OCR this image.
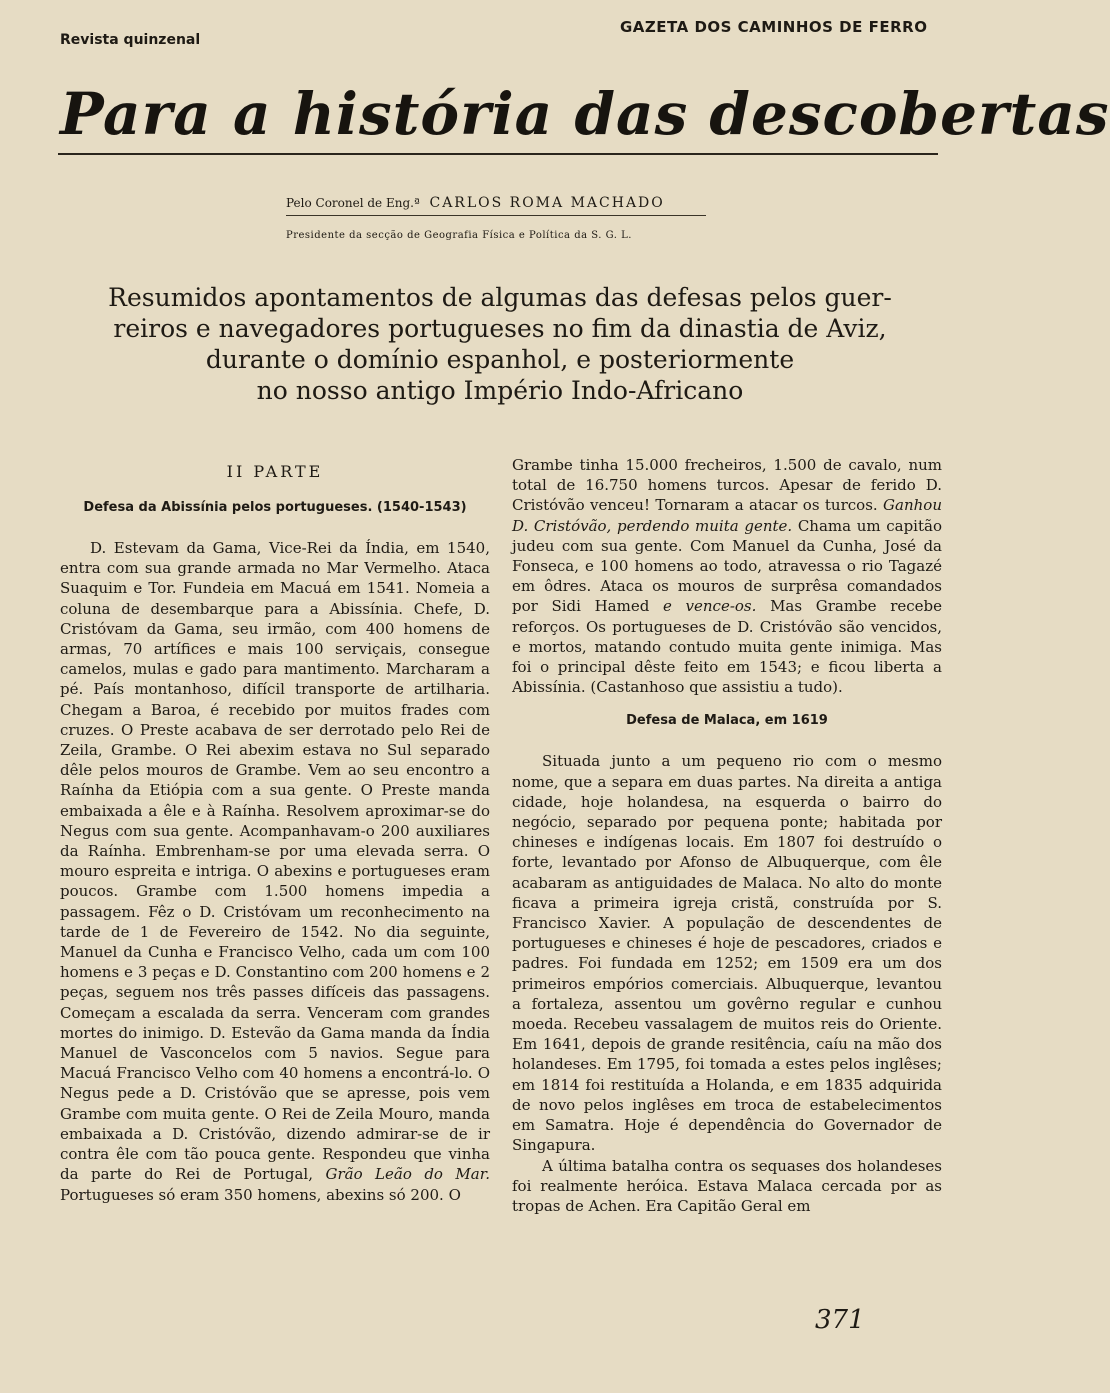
Revista quinzenal
GAZETA DOS CAMINHOS DE FERRO
Para a história das descobertas
Pelo Coronel de Eng.ª CARLOS ROMA MACHADO
Presidente da secção de Geografia Física e Política da S. G. L.
Resumidos apontamentos de algumas das defesas pelos guer-
reiros e navegadores portugueses no fim da dinastia de Aviz,
durante o domínio espanhol, e posteriormente
no nosso antigo Império Indo-Africano
II PARTE
Defesa da Abissínia pelos portugueses. (1540-1543)

D. Estevam da Gama, Vice-Rei da Índia, em 1540, entra com sua grande armada no Mar Vermelho. Ataca Suaquim e Tor. Fundeia em Macuá em 1541. Nomeia a coluna de desembarque para a Abissínia. Chefe, D. Cristóvam da Gama, seu irmão, com 400 homens de armas, 70 artífices e mais 100 serviçais, consegue camelos, mulas e gado para mantimento. Marcharam a pé. País montanhoso, difícil transporte de artilharia. Chegam a Baroa, é recebido por muitos frades com cruzes. O Preste acabava de ser derrotado pelo Rei de Zeila, Grambe. O Rei abexim estava no Sul separado dêle pelos mouros de Grambe. Vem ao seu encontro a Raínha da Etiópia com a sua gente. O Preste manda embaixada a êle e à Raínha. Resolvem aproximar-se do Negus com sua gente. Acompanhavam-o 200 auxiliares da Raínha. Embrenham-se por uma elevada serra. O mouro espreita e intriga. O abexins e portugueses eram poucos. Grambe com 1.500 homens impedia a passagem. Fêz o D. Cristóvam um reconhecimento na tarde de 1 de Fevereiro de 1542. No dia seguinte, Manuel da Cunha e Francisco Velho, cada um com 100 homens e 3 peças e D. Constantino com 200 homens e 2 peças, seguem nos três passes difíceis das passagens. Começam a escalada da serra. Venceram com grandes mortes do inimigo. D. Estevão da Gama manda da Índia Manuel de Vasconcelos com 5 navios. Segue para Macuá Francisco Velho com 40 homens a encontrá-lo. O Negus pede a D. Cristóvão que se apresse, pois vem Grambe com muita gente. O Rei de Zeila Mouro, manda embaixada a D. Cristóvão, dizendo admirar-se de ir contra êle com tão pouca gente. Respondeu que vinha da parte do Rei de Portugal, Grão Leão do Mar. Portugueses só eram 350 homens, abexins só 200. O

Grambe tinha 15.000 frecheiros, 1.500 de cavalo, num total de 16.750 homens turcos. Apesar de ferido D. Cristóvão venceu! Tornaram a atacar os turcos. Ganhou D. Cristóvão, perdendo muita gente. Chama um capitão judeu com sua gente. Com Manuel da Cunha, José da Fonseca, e 100 homens ao todo, atravessa o rio Tagazé em ôdres. Ataca os mouros de surprêsa comandados por Sidi Hamed e vence-os. Mas Grambe recebe reforços. Os portugueses de D. Cristóvão são vencidos, e mortos, matando contudo muita gente inimiga. Mas foi o principal dêste feito em 1543; e ficou liberta a Abissínia. (Castanhoso que assistiu a tudo).

Defesa de Malaca, em 1619

Situada junto a um pequeno rio com o mesmo nome, que a separa em duas partes. Na direita a antiga cidade, hoje holandesa, na esquerda o bairro do negócio, separado por pequena ponte; habitada por chineses e indígenas locais. Em 1807 foi destruído o forte, levantado por Afonso de Albuquerque, com êle acabaram as antiguidades de Malaca. No alto do monte ficava a primeira igreja cristã, construída por S. Francisco Xavier. A população de descendentes de portugueses e chineses é hoje de pescadores, criados e padres. Foi fundada em 1252; em 1509 era um dos primeiros empórios comerciais. Albuquerque, levantou a fortaleza, assentou um govêrno regular e cunhou moeda. Recebeu vassalagem de muitos reis do Oriente. Em 1641, depois de grande resitência, caíu na mão dos holandeses. Em 1795, foi tomada a estes pelos inglêses; em 1814 foi restituída a Holanda, e em 1835 adquirida de novo pelos inglêses em troca de estabelecimentos em Samatra. Hoje é dependência do Governador de Singapura.

A última batalha contra os sequases dos holandeses foi realmente heróica. Estava Malaca cercada por as tropas de Achen. Era Capitão Geral em

371
